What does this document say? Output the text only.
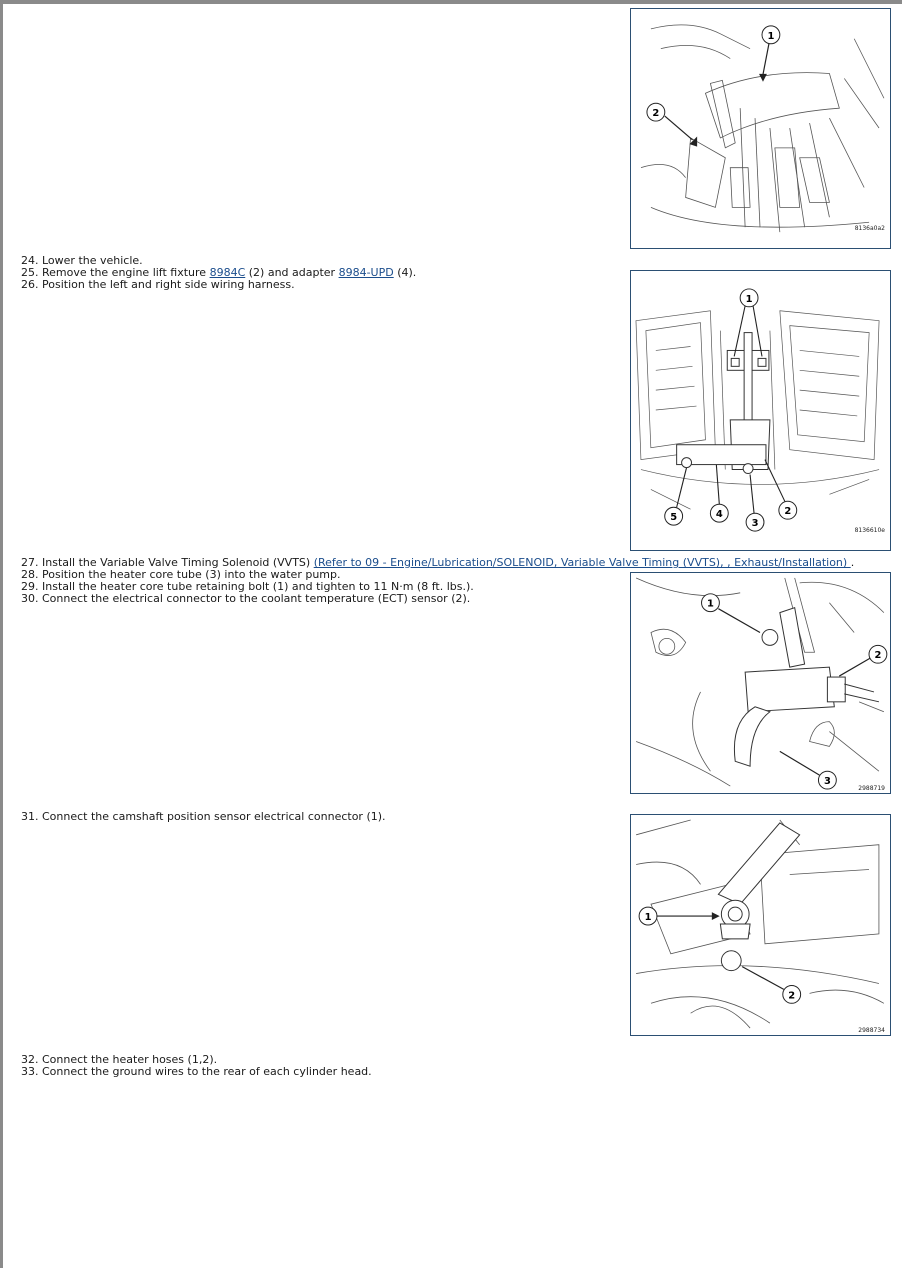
1
2
8136a0a2
1
2
3
4
5
8136610e
1
2
3
2988719
1
2
2988734
24. Lower the vehicle.
25. Remove the engine lift fixture 8984C (2) and adapter 8984-UPD (4).
26. Position the left and right side wiring harness.
27. Install the Variable Valve Timing Solenoid (VVTS) (Refer to 09 - Engine/Lubrication/SOLENOID, Variable Valve Timing (VVTS), , Exhaust/Installation) .
28. Position the heater core tube (3) into the water pump.
29. Install the heater core tube retaining bolt (1) and tighten to 11 N·m (8 ft. lbs.).
30. Connect the electrical connector to the coolant temperature (ECT) sensor (2).
31. Connect the camshaft position sensor electrical connector (1).
32. Connect the heater hoses (1,2).
33. Connect the ground wires to the rear of each cylinder head.
